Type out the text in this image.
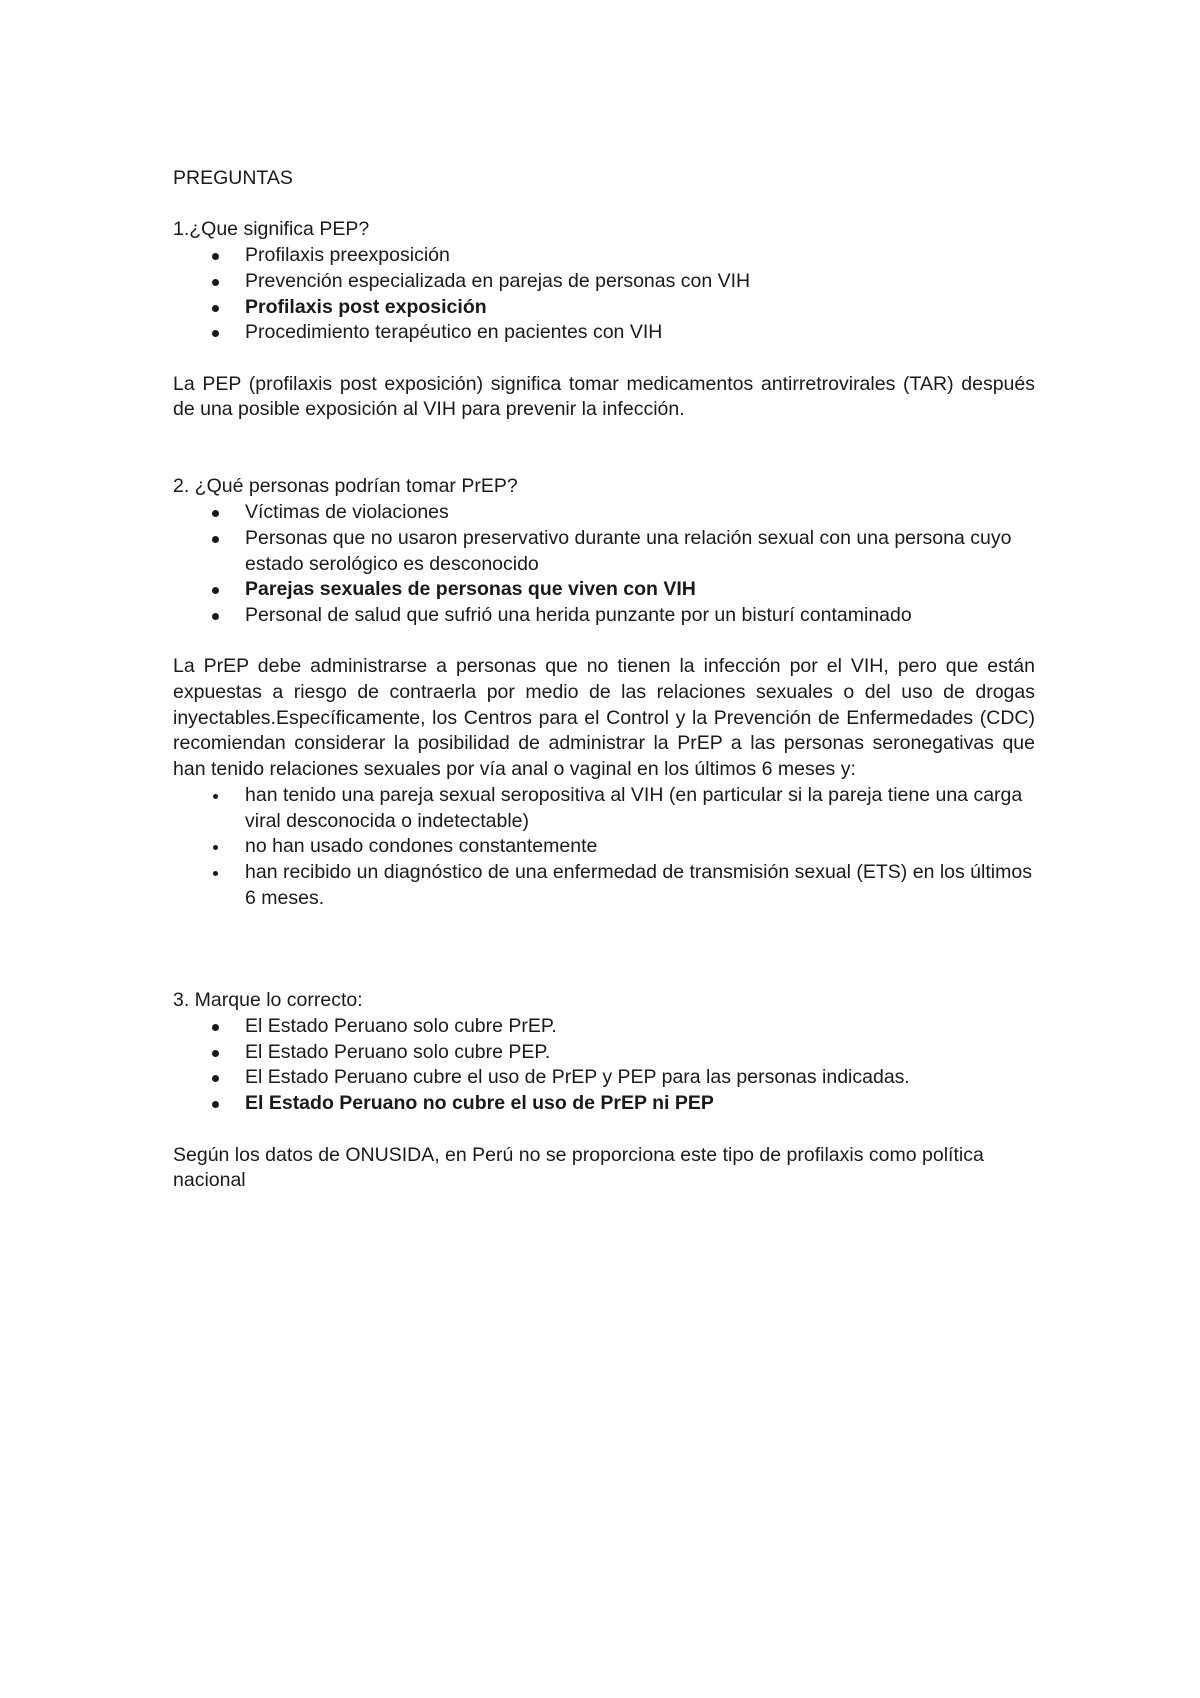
PREGUNTAS

1.¿Que significa PEP?

Profilaxis preexposición
Prevención especializada en parejas de personas con VIH
Profilaxis post exposición
Procedimiento terapéutico en pacientes con VIH

La PEP (profilaxis post exposición) significa tomar medicamentos antirretrovirales (TAR) después de una posible exposición al VIH para prevenir la infección.

2. ¿Qué personas podrían tomar PrEP?

Víctimas de violaciones
Personas que no usaron preservativo durante una relación sexual con una persona cuyo estado serológico es desconocido
Parejas sexuales de personas que viven con VIH
Personal de salud que sufrió una herida punzante por un bisturí contaminado

La PrEP debe administrarse a personas que no tienen la infección por el VIH, pero que están expuestas a riesgo de contraerla por medio de las relaciones sexuales o del uso de drogas inyectables.Específicamente, los Centros para el Control y la Prevención de Enfermedades (CDC) recomiendan considerar la posibilidad de administrar la PrEP a las personas seronegativas que han tenido relaciones sexuales por vía anal o vaginal en los últimos 6 meses y:

han tenido una pareja sexual seropositiva al VIH (en particular si la pareja tiene una carga viral desconocida o indetectable)
no han usado condones constantemente
han recibido un diagnóstico de una enfermedad de transmisión sexual (ETS) en los últimos 6 meses.

3. Marque lo correcto:

El Estado Peruano solo cubre PrEP.
El Estado Peruano solo cubre PEP.
El Estado Peruano cubre el uso de PrEP y PEP para las personas indicadas.
El Estado Peruano no cubre el uso de PrEP ni PEP

Según los datos de ONUSIDA, en Perú no se proporciona este tipo de profilaxis como política nacional
